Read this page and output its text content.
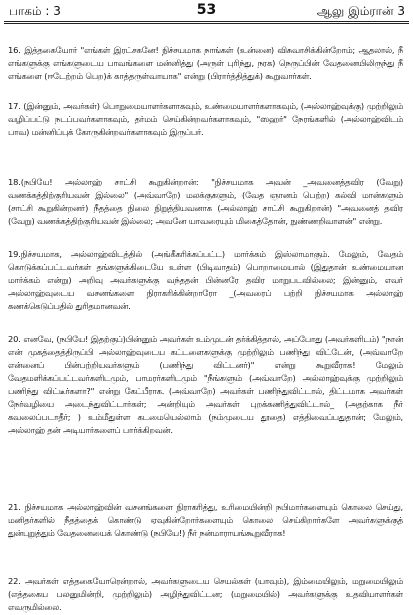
பாகம் : 3	53	ஆலு இம்ரான் 3

16. இத்தகையோர் "எங்கள் இரட்சகனே! நிச்சயமாக நாங்கள் (உன்னை) விசுவாசிக்கின்றோம்; ஆதலால், நீ எங்களுக்கு எங்களுடைய பாவங்களை மன்னித்து (அருள் புரிந்து, நரக) நெருப்பின் வேதனையிலிருந்து நீ எங்களை (ஈடேற்றம் பெற)க் காத்தருள்வாயாக" என்று (பிரார்த்தித்துக்) கூறுவார்கள்.

17. (இன்னும், அவர்கள்) பொறுமையாளர்களாகவும், உண்மையாளர்களாகவும், (அல்லாஹ்வுக்கு) முற்றிலும் வழிப்பட்டு நடப்பவர்களாகவும், தர்மம் செய்கின்றவர்களாகவும், "ஸஹர்" நேரங்களில் (அல்லாஹ்விடம் பாவ) மன்னிப்புக் கோருகின்றவர்களாகவும் இருப்பர்.

18.(நபியே! அல்லாஹ் சாட்சி கூறுகின்றான்: "நிச்சயமாக அவன் _அவனைத்தவிர (வேறு) வணக்கத்திற்குரியவன் இல்லை" (அவ்வாறே) மலக்குகளும், (வேத ஞானம் பெற்ற) கல்வி மான்களும் (சாட்சி கூறுகின்றனர்) நீதத்தை நிலை நிறுத்தியவனாக (அல்லாஹ் சாட்சி கூறுகிறான்) "அவனைத் தவிர (வேறு) வணக்கத்திற்குரியவன் இல்லை; அவனே யாவரையும் மிகைத்தோன், நுண்ணறிவாளன்" என்று.

19.நிச்சயமாக, அல்லாஹ்விடத்தில் (அங்கீகரிக்கப்பட்ட) மார்க்கம் இஸ்லாமாகும். மேலும், வேதம் கொடுக்கப்பட்டவர்கள் தங்களுக்கிடையே உள்ள (பிடிவாதம்) பொறாமையால் (இதுதான் உண்மையான மார்க்கம் என்று) அறிவு அவர்களுக்கு வந்ததன் பின்னரே தவிர மாறுபடவில்லை; இன்னும், எவர் அல்லாஹ்வுடைய வசனங்களை நிராகரிக்கின்றாரோ _(அவரைப் பற்றி நிச்சயமாக அல்லாஹ் கணக்கெடுப்பதில் துரிதமானவன்.

20. எனவே, (நபியே! இதற்குப்)பின்னும் அவர்கள் உம்முடன் தர்க்கித்தால், அப்போது (அவர்களிடம்) "நான் என் முகத்தைத்திருப்பி அல்லாஹ்வுடைய கட்டளைகளுக்கு முற்றிலும் பணிந்து விட்டேன், (அவ்வாறே என்னைப் பின்பற்றியவர்களும் (பணிந்து விட்டனர்)" என்று கூறுவீராக! மேலும் வேதமளிக்கப்பட்டவர்களிடமும், பாமரர்களிடமும் "நீங்களும் (அவ்வாறே) அல்லாஹ்வுக்கு முற்றிலும் பணிந்து விட்டீர்களா?" என்று கேட்பீராக. (அவ்வாறே) அவர்கள் பணிந்துவிட்டால், திட்டமாக அவர்கள் நேர்வழியை அடைந்துவிட்டார்கள்; அன்றியும் அவர்கள் புறக்கணித்துவிட்டால்_ (அதற்காக நீர் கவலைப்படாதீர்; ) உம்மீதுள்ள கடமையெல்லாம் (நம்முடைய தூதை) எத்திவைப்பதுதான்; மேலும், அல்லாஹ் தன் அடியார்களைப் பார்க்கிறவன்.

21. நிச்சயமாக அல்லாஹ்வின் வசனங்களை நிராகரித்து, உரிமையின்றி நபிமார்களையும் கொலை செய்து, மனிதர்களில் நீதத்தைக் கொண்டு ஏவுகின்றோர்களையும் கொலை செய்கிறார்களே அவர்களுக்குத் துன்புறுத்தும் வேதனையைக் கொண்டு (நபியே!) நீர் நன்மாராயங்கூறுவீராக!

22. அவர்கள் எத்தகையோரென்றால், அவர்களுடைய செயல்கள் (யாவும்), இம்மையிலும், மறுமையிலும் (எத்தகைய பலனுமின்றி, முற்றிலும்) அழிந்துவிட்டன; (மறுமையில்) அவர்களுக்கு உதவியாளர்கள் எவருமில்லை.
